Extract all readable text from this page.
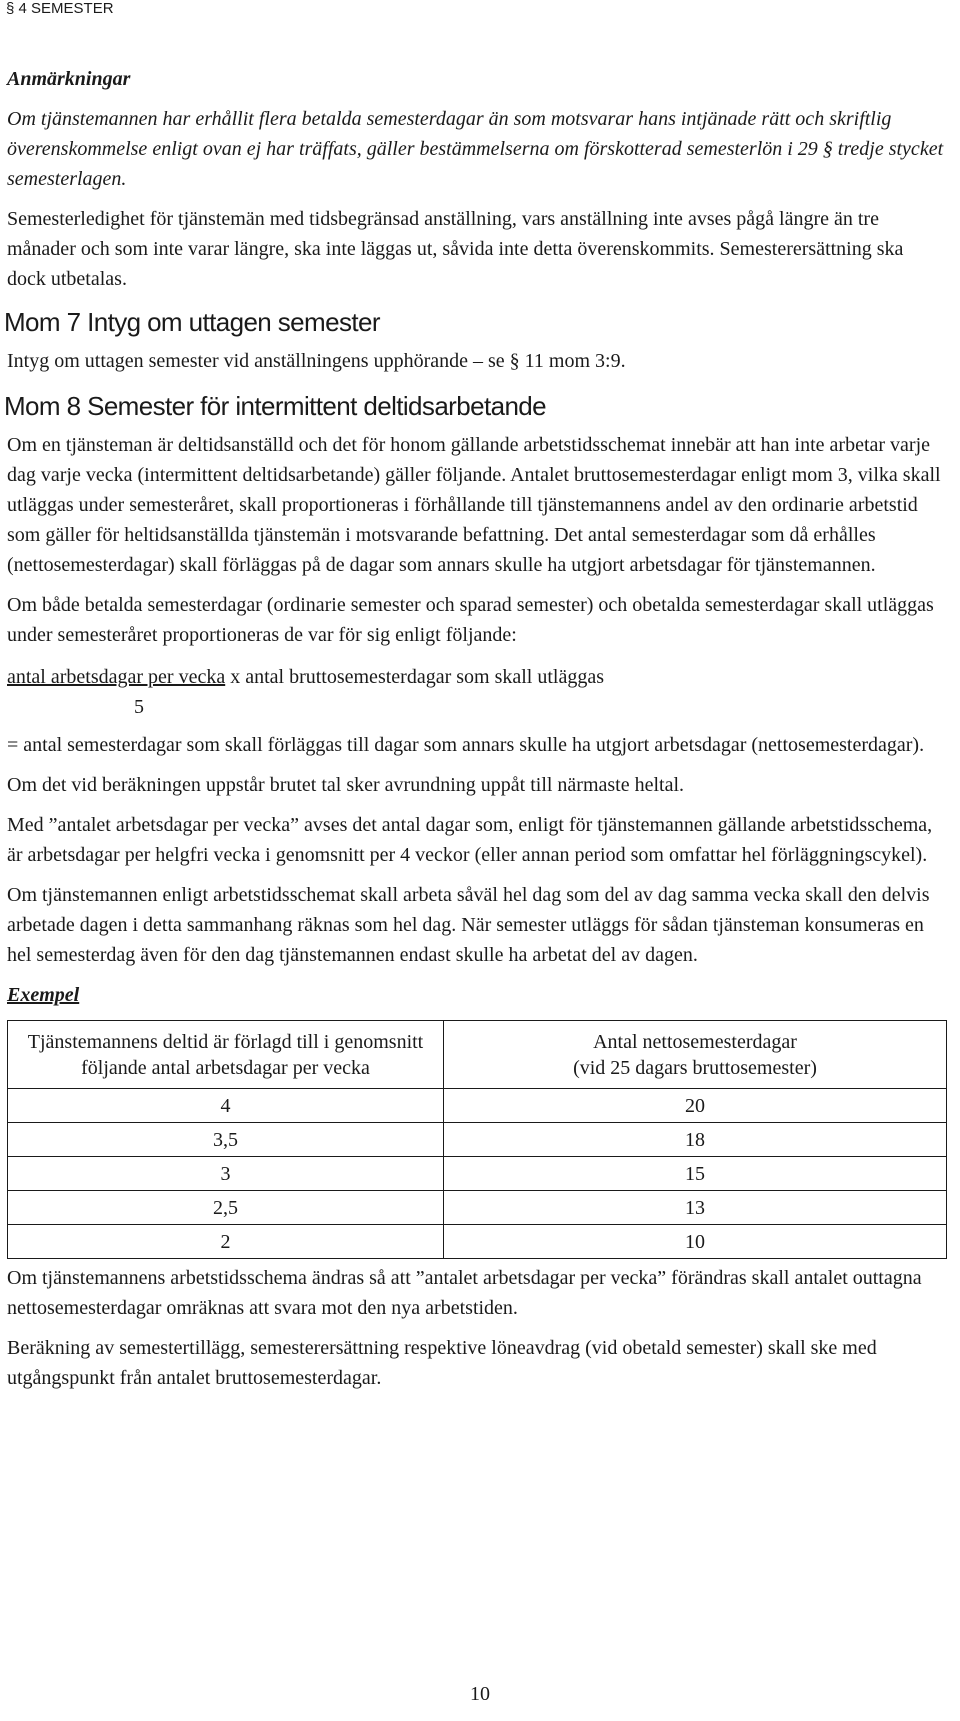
§ 4 SEMESTER

Anmärkningar

Om tjänstemannen har erhållit flera betalda semesterdagar än som motsvarar hans intjänade rätt och skriftlig överenskommelse enligt ovan ej har träffats, gäller bestämmelserna om förskotterad semesterlön i 29 § tredje stycket semesterlagen.

Semesterledighet för tjänstemän med tidsbegränsad anställning, vars anställning inte avses pågå längre än tre månader och som inte varar längre, ska inte läggas ut, såvida inte detta överenskommits. Semesterersättning ska dock utbetalas.

Mom 7 Intyg om uttagen semester

Intyg om uttagen semester vid anställningens upphörande – se § 11 mom 3:9.

Mom 8 Semester för intermittent deltidsarbetande

Om en tjänsteman är deltidsanställd och det för honom gällande arbetstidsschemat innebär att han inte arbetar varje dag varje vecka (intermittent deltidsarbetande) gäller följande. Antalet bruttosemesterdagar enligt mom 3, vilka skall utläggas under semesteråret, skall proportioneras i förhållande till tjänstemannens andel av den ordinarie arbetstid som gäller för heltidsanställda tjänstemän i motsvarande befattning. Det antal semesterdagar som då erhålles (nettosemesterdagar) skall förläggas på de dagar som annars skulle ha utgjort arbetsdagar för tjänstemannen.

Om både betalda semesterdagar (ordinarie semester och sparad semester) och obetalda semesterdagar skall utläggas under semesteråret proportioneras de var för sig enligt följande:

antal arbetsdagar per vecka x antal bruttosemesterdagar som skall utläggas
5

= antal semesterdagar som skall förläggas till dagar som annars skulle ha utgjort arbetsdagar (nettosemesterdagar).

Om det vid beräkningen uppstår brutet tal sker avrundning uppåt till närmaste heltal.

Med ”antalet arbetsdagar per vecka” avses det antal dagar som, enligt för tjänstemannen gällande arbetstidsschema, är arbetsdagar per helgfri vecka i genomsnitt per 4 veckor (eller annan period som omfattar hel förläggningscykel).

Om tjänstemannen enligt arbetstidsschemat skall arbeta såväl hel dag som del av dag samma vecka skall den delvis arbetade dagen i detta sammanhang räknas som hel dag. När semester utläggs för sådan tjänsteman konsumeras en hel semesterdag även för den dag tjänstemannen endast skulle ha arbetat del av dagen.

Exempel

Tjänstemannens deltid är förlagd till i genomsnitt följande antal arbetsdagar per vecka	Antal nettosemesterdagar
(vid 25 dagars bruttosemester)
4	20
3,5	18
3	15
2,5	13
2	10

Om tjänstemannens arbetstidsschema ändras så att ”antalet arbetsdagar per vecka” förändras skall antalet outtagna nettosemesterdagar omräknas att svara mot den nya arbetstiden.

Beräkning av semestertillägg, semesterersättning respektive löneavdrag (vid obetald semester) skall ske med utgångspunkt från antalet bruttosemesterdagar.

10
